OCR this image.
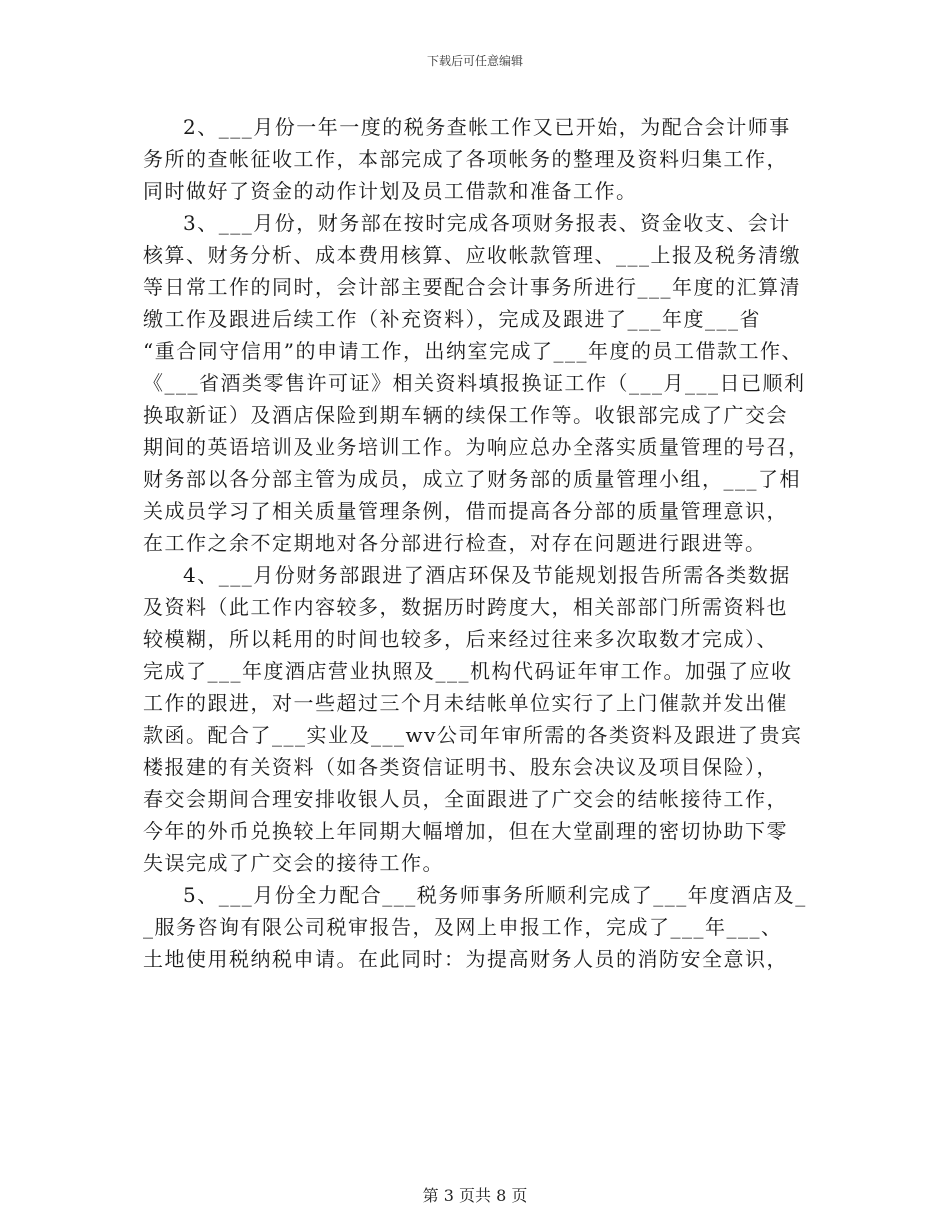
下载后可任意编辑
2、___月份一年一度的税务查帐工作又已开始，为配合会计师事
务所的查帐征收工作，本部完成了各项帐务的整理及资料归集工作，
同时做好了资金的动作计划及员工借款和准备工作。
3、___月份，财务部在按时完成各项财务报表、资金收支、会计
核算、财务分析、成本费用核算、应收帐款管理、___上报及税务清缴
等日常工作的同时，会计部主要配合会计事务所进行___年度的汇算清
缴工作及跟进后续工作（补充资料），完成及跟进了___年度___省
“重合同守信用”的申请工作，出纳室完成了___年度的员工借款工作、
《___省酒类零售许可证》相关资料填报换证工作（___月___日已顺利
换取新证）及酒店保险到期车辆的续保工作等。收银部完成了广交会
期间的英语培训及业务培训工作。为响应总办全落实质量管理的号召，
财务部以各分部主管为成员，成立了财务部的质量管理小组，___了相
关成员学习了相关质量管理条例，借而提高各分部的质量管理意识，
在工作之余不定期地对各分部进行检查，对存在问题进行跟进等。
4、___月份财务部跟进了酒店环保及节能规划报告所需各类数据
及资料（此工作内容较多，数据历时跨度大，相关部部门所需资料也
较模糊，所以耗用的时间也较多，后来经过往来多次取数才完成）、
完成了___年度酒店营业执照及___机构代码证年审工作。加强了应收
工作的跟进，对一些超过三个月未结帐单位实行了上门催款并发出催
款函。配合了___实业及___wv公司年审所需的各类资料及跟进了贵宾
楼报建的有关资料（如各类资信证明书、股东会决议及项目保险），
春交会期间合理安排收银人员，全面跟进了广交会的结帐接待工作，
今年的外币兑换较上年同期大幅增加，但在大堂副理的密切协助下零
失误完成了广交会的接待工作。
5、___月份全力配合___税务师事务所顺利完成了___年度酒店及_
_服务咨询有限公司税审报告，及网上申报工作，完成了___年___、
土地使用税纳税申请。在此同时：为提高财务人员的消防安全意识，
第 3 页共 8 页
